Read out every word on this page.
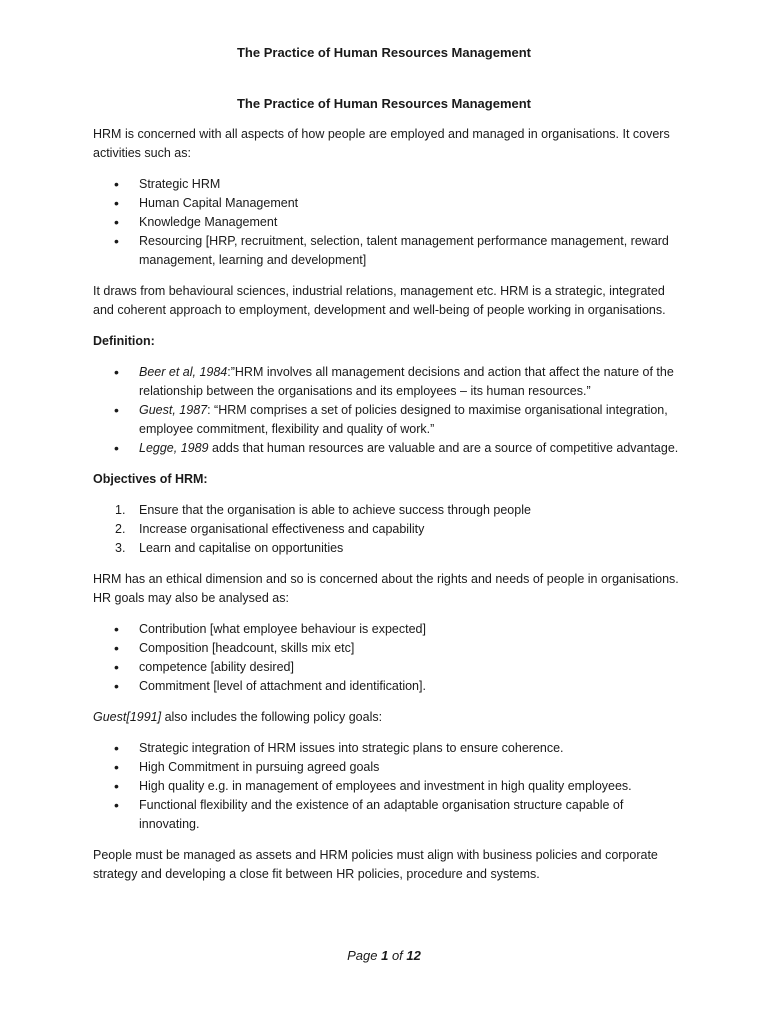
The Practice of Human Resources Management
The Practice of Human Resources Management

HRM is concerned with all aspects of how people are employed and managed in organisations. It covers activities such as:

• Strategic HRM
• Human Capital Management
• Knowledge Management
• Resourcing [HRP, recruitment, selection, talent management performance management, reward management, learning and development]

It draws from behavioural sciences, industrial relations, management etc. HRM is a strategic, integrated and coherent approach to employment, development and well-being of people working in organisations.

Definition:

• Beer et al, 1984:”HRM involves all management decisions and action that affect the nature of the relationship between the organisations and its employees – its human resources.”
• Guest, 1987: “HRM comprises a set of policies designed to maximise organisational integration, employee commitment, flexibility and quality of work.”
• Legge, 1989 adds that human resources are valuable and are a source of competitive advantage.

Objectives of HRM:

1. Ensure that the organisation is able to achieve success through people
2. Increase organisational effectiveness and capability
3. Learn and capitalise on opportunities

HRM has an ethical dimension and so is concerned about the rights and needs of people in organisations. HR goals may also be analysed as:

• Contribution [what employee behaviour is expected]
• Composition [headcount, skills mix etc]
• competence [ability desired]
• Commitment [level of attachment and identification].

Guest[1991] also includes the following policy goals:

• Strategic integration of HRM issues into strategic plans to ensure coherence.
• High Commitment in pursuing agreed goals
• High quality e.g. in management of employees and investment in high quality employees.
• Functional flexibility and the existence of an adaptable organisation structure capable of innovating.

People must be managed as assets and HRM policies must align with business policies and corporate strategy and developing a close fit between HR policies, procedure and systems.

Page 1 of 12
